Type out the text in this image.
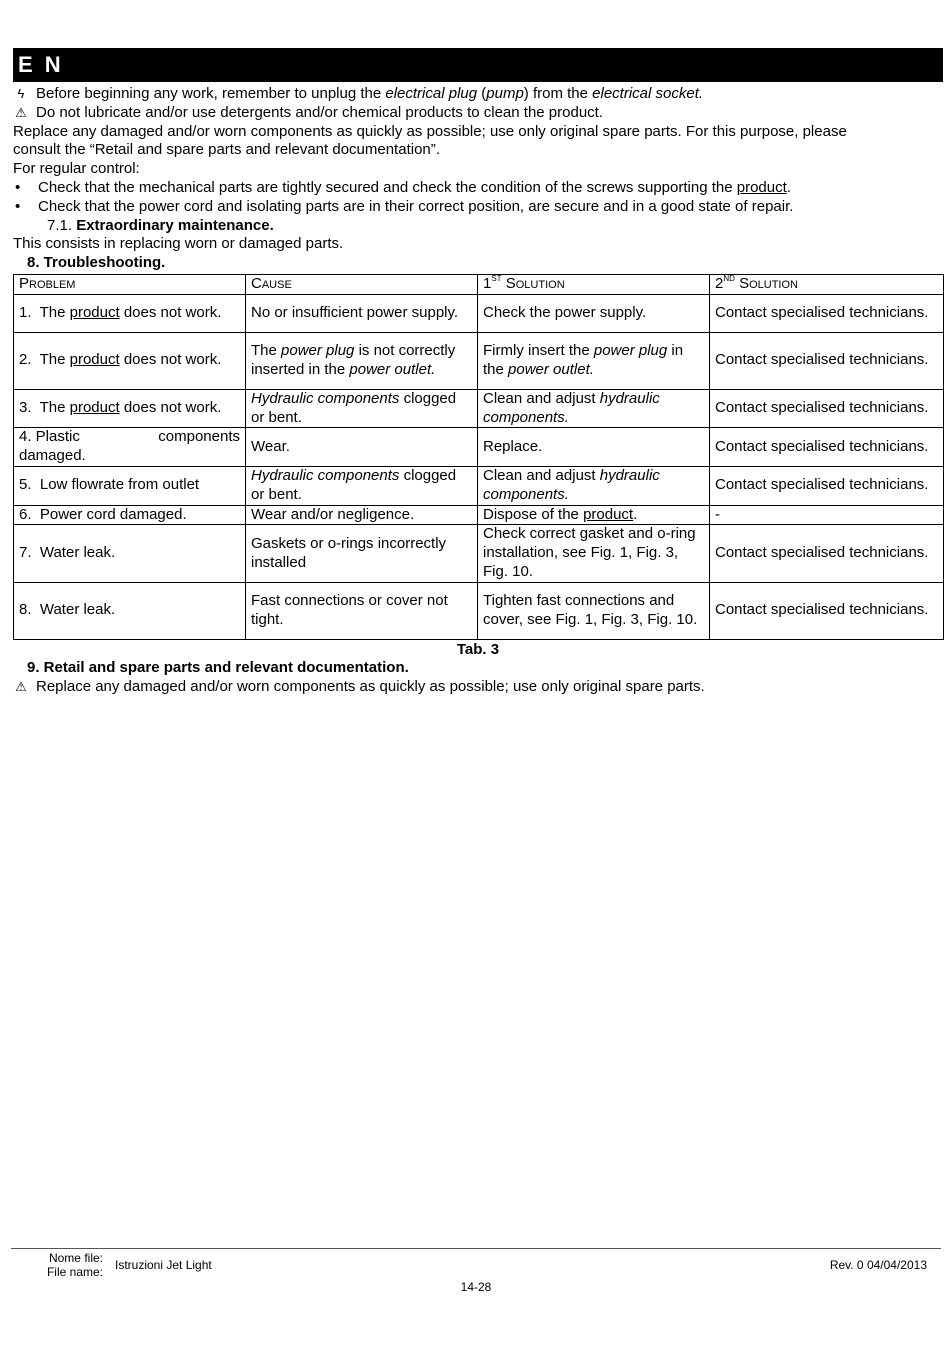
E N

ϟ Before beginning any work, remember to unplug the electrical plug (pump) from the electrical socket.

⚠ Do not lubricate and/or use detergents and/or chemical products to clean the product.

Replace any damaged and/or worn components as quickly as possible; use only original spare parts. For this purpose, please
consult the “Retail and spare parts and relevant documentation”.

For regular control:

• Check that the mechanical parts are tightly secured and check the condition of the screws supporting the product.

• Check that the power cord and isolating parts are in their correct position, are secure and in a good state of repair.

7.1. Extraordinary maintenance.

This consists in replacing worn or damaged parts.

8. Troubleshooting.

Problem	Cause	1ST Solution	2ND Solution
1. The product does not work.	No or insufficient power supply.	Check the power supply.	Contact specialised technicians.
2. The product does not work.	The power plug is not correctly inserted in the power outlet.	Firmly insert the power plug in the power outlet.	Contact specialised technicians.
3. The product does not work.	Hydraulic components clogged or bent.	Clean and adjust hydraulic components.	Contact specialised technicians.

4. Plastic components
damaged.	Wear.	Replace.	Contact specialised technicians.
5. Low flowrate from outlet	Hydraulic components clogged or bent.	Clean and adjust hydraulic components.	Contact specialised technicians.
6. Power cord damaged.	Wear and/or negligence.	Dispose of the product.	-
7. Water leak.	Gaskets or o-rings incorrectly installed	Check correct gasket and o-ring installation, see Fig. 1, Fig. 3, Fig. 10.	Contact specialised technicians.
8. Water leak.	Fast connections or cover not tight.	Tighten fast connections and cover, see Fig. 1, Fig. 3, Fig. 10.	Contact specialised technicians.
Tab. 3

9. Retail and spare parts and relevant documentation.

⚠ Replace any damaged and/or worn components as quickly as possible; use only original spare parts.

Nome file:
File name: Istruzioni Jet Light	Rev. 0 04/04/2013
14-28
